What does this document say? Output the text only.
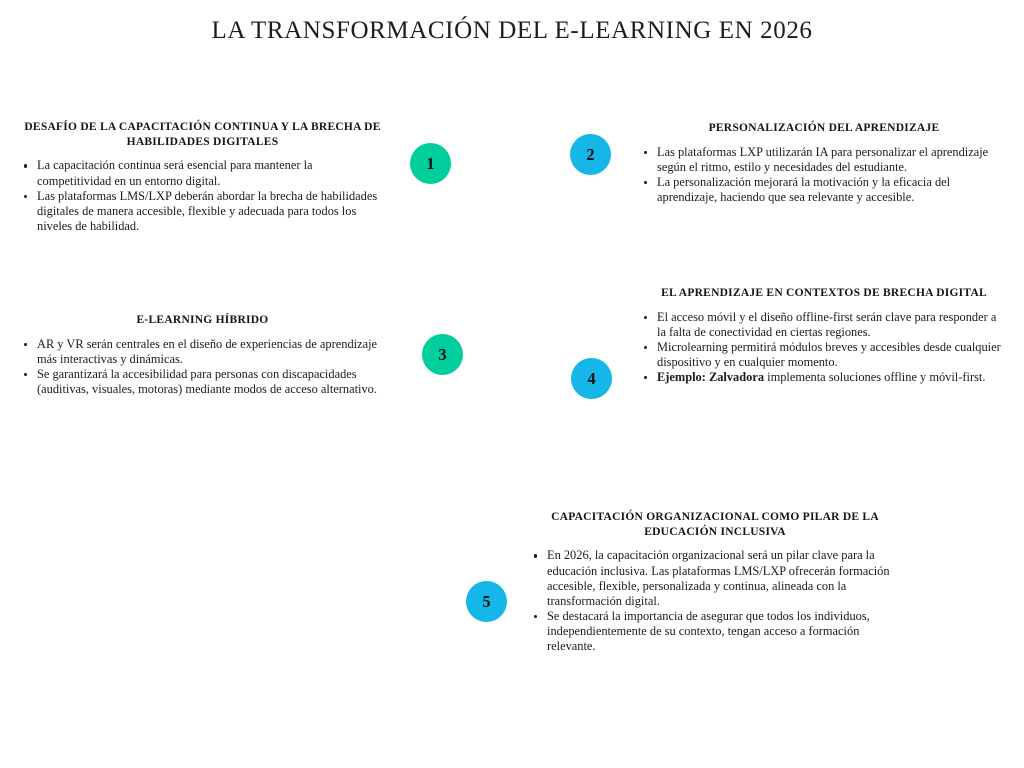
LA TRANSFORMACIÓN DEL E-LEARNING EN 2026
DESAFÍO DE LA CAPACITACIÓN CONTINUA Y LA BRECHA DE HABILIDADES DIGITALES
La capacitación continua será esencial para mantener la competitividad en un entorno digital.
Las plataformas LMS/LXP deberán abordar la brecha de habilidades digitales de manera accesible, flexible y adecuada para todos los niveles de habilidad.
1
PERSONALIZACIÓN DEL APRENDIZAJE
Las plataformas LXP utilizarán IA para personalizar el aprendizaje según el ritmo, estilo y necesidades del estudiante.
La personalización mejorará la motivación y la eficacia del aprendizaje, haciendo que sea relevante y accesible.
2
E-LEARNING HÍBRIDO
AR y VR serán centrales en el diseño de experiencias de aprendizaje más interactivas y dinámicas.
Se garantizará la accesibilidad para personas con discapacidades (auditivas, visuales, motoras) mediante modos de acceso alternativo.
3
EL APRENDIZAJE EN CONTEXTOS DE BRECHA DIGITAL
El acceso móvil y el diseño offline-first serán clave para responder a la falta de conectividad en ciertas regiones.
Microlearning permitirá módulos breves y accesibles desde cualquier dispositivo y en cualquier momento.
Ejemplo: Zalvadora implementa soluciones offline y móvil-first.
4
CAPACITACIÓN ORGANIZACIONAL COMO PILAR DE LA EDUCACIÓN INCLUSIVA
En 2026, la capacitación organizacional será un pilar clave para la educación inclusiva. Las plataformas LMS/LXP ofrecerán formación accesible, flexible, personalizada y continua, alineada con la transformación digital.
Se destacará la importancia de asegurar que todos los individuos, independientemente de su contexto, tengan acceso a formación relevante.
5
